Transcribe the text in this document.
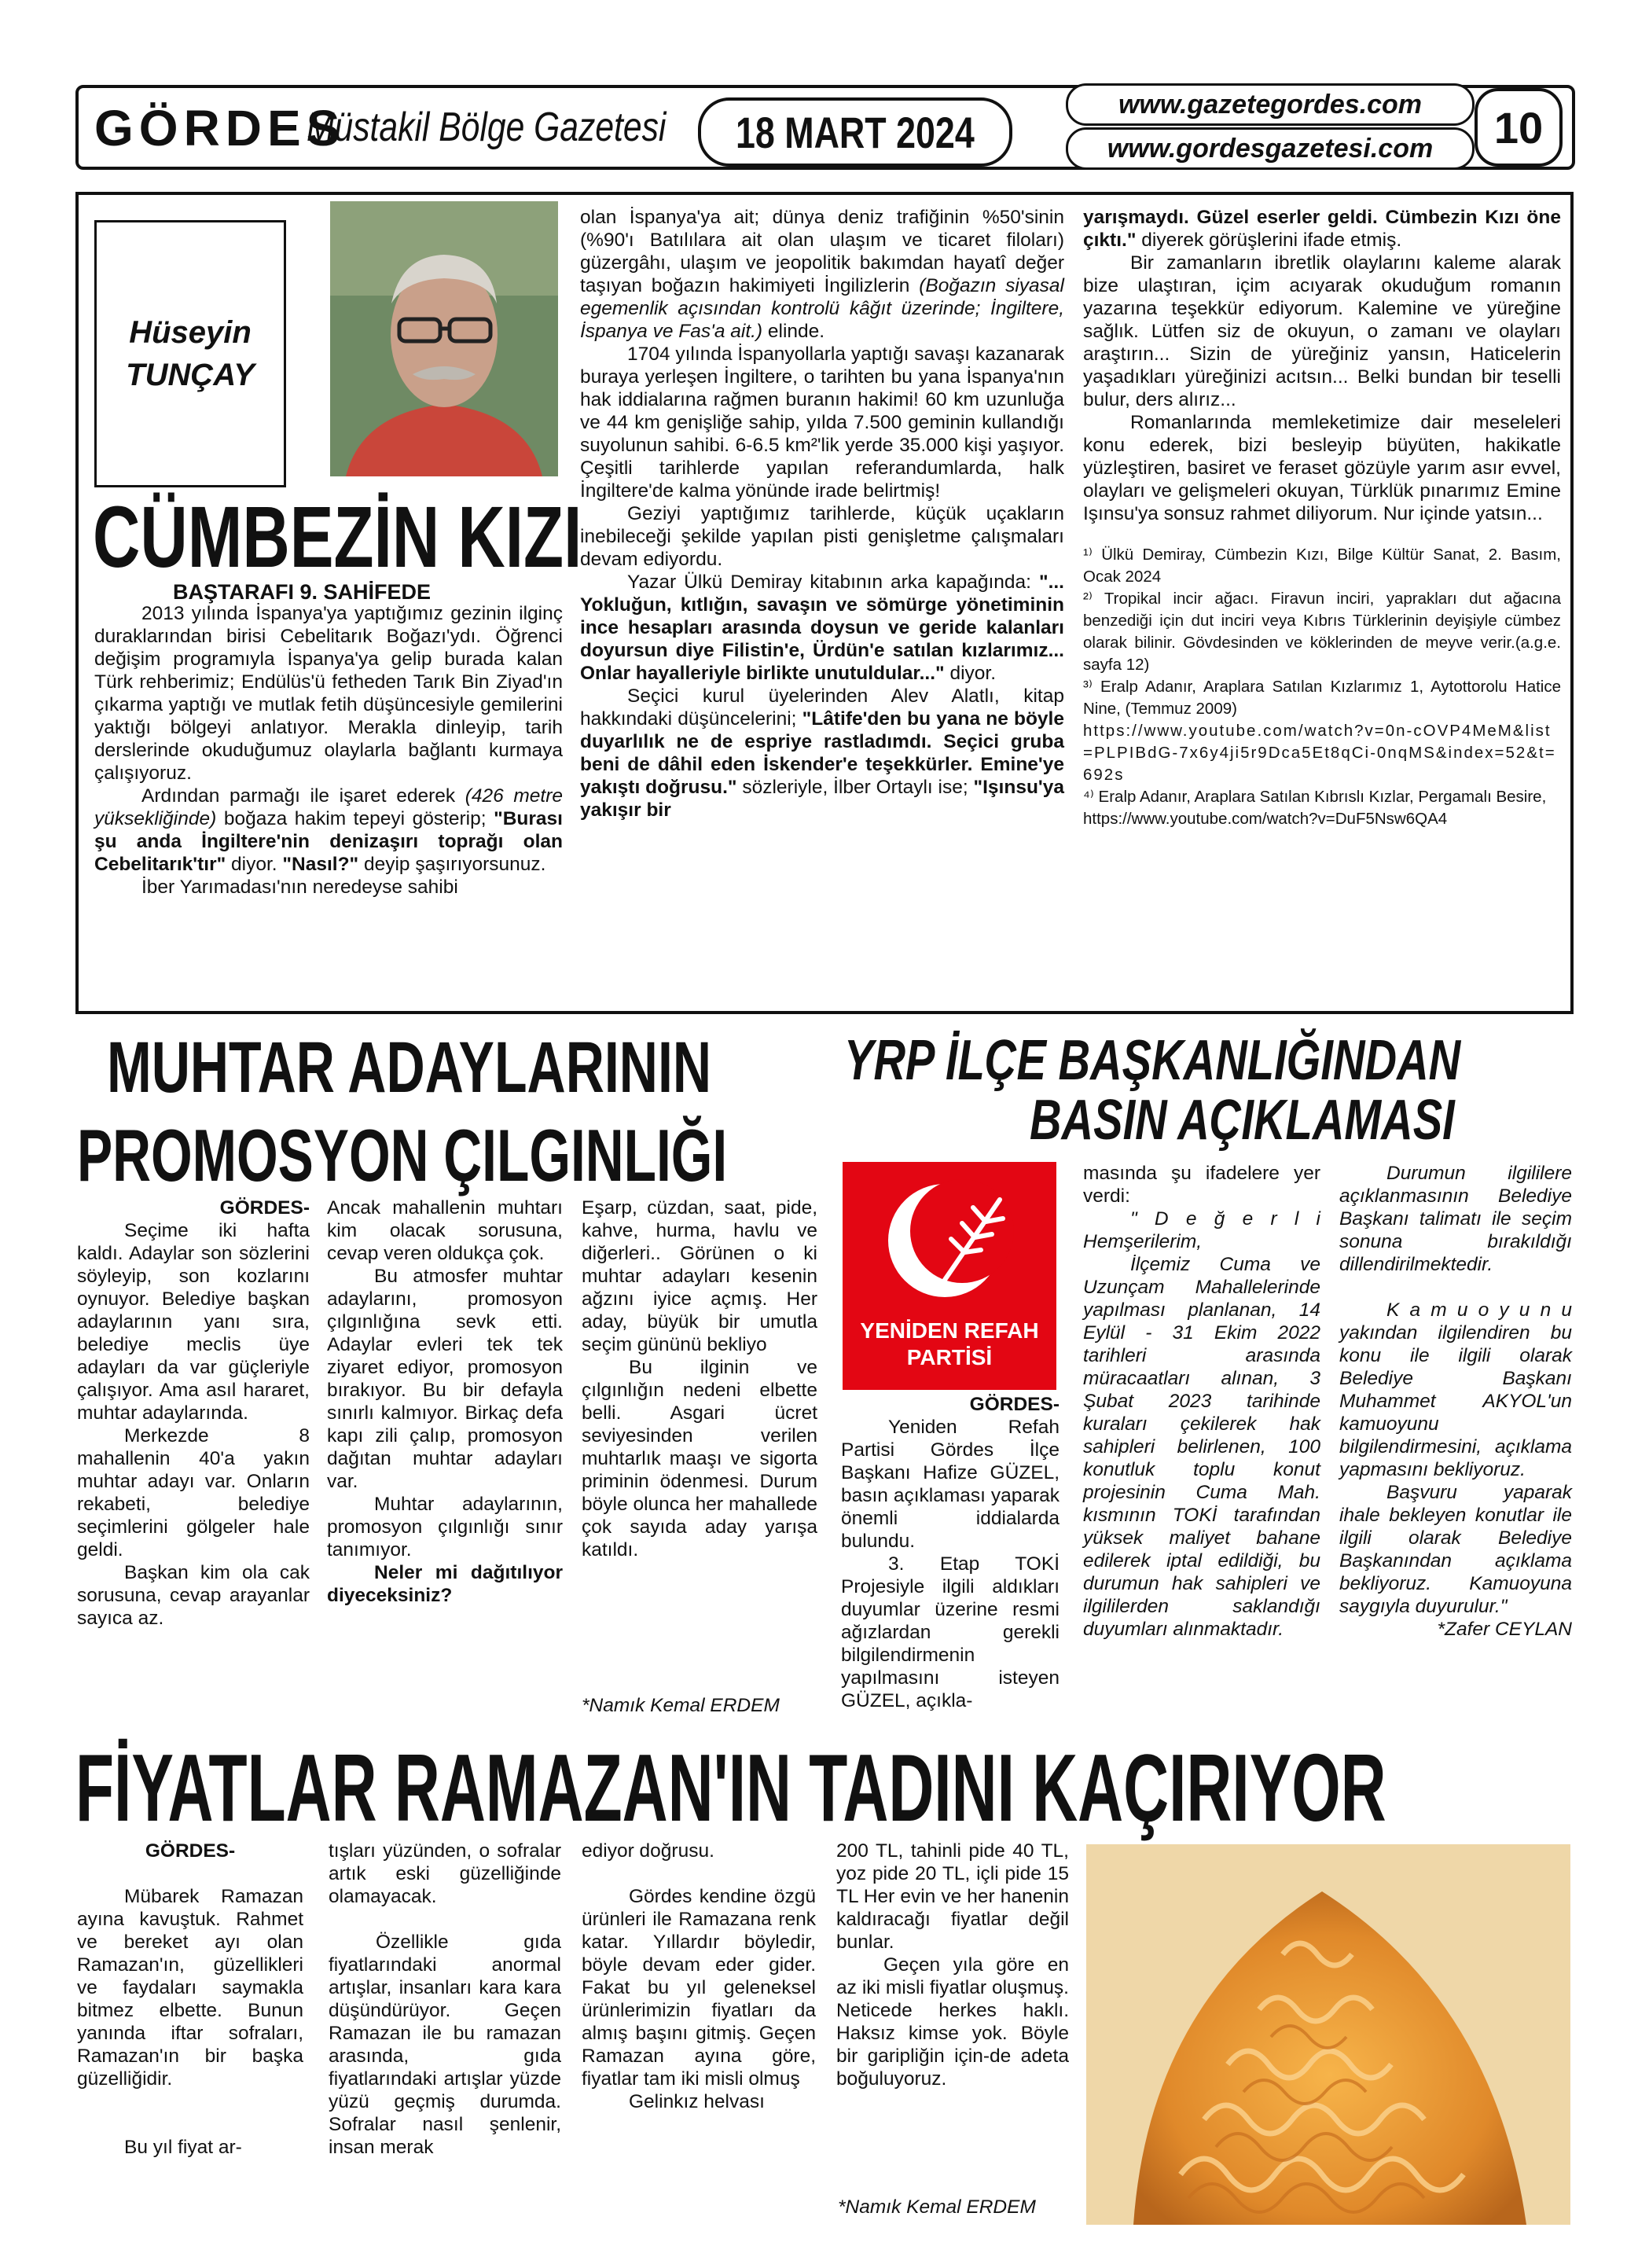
GÖRDES
Müstakil Bölge Gazetesi 18 MART 2024
www.gazetegordes.com
www.gordesgazetesi.com	10
Hüseyin
TUNÇAY
CÜMBEZİN KIZI
BAŞTARAFI 9. SAHİFEDE

2013 yılında İspanya'ya yaptığımız gezinin ilginç duraklarından birisi Cebelitarık Boğazı'ydı. Öğrenci değişim programıyla İspanya'ya gelip burada kalan Türk rehberimiz; Endülüs'ü fetheden Tarık Bin Ziyad'ın çıkarma yaptığı ve mutlak fetih düşüncesiyle gemilerini yaktığı bölgeyi anlatıyor. Merakla dinleyip, tarih derslerinde okuduğumuz olaylarla bağlantı kurmaya çalışıyoruz.

Ardından parmağı ile işaret ederek (426 metre yüksekliğinde) boğaza hakim tepeyi gösterip; "Burası şu anda İngiltere'nin denizaşırı toprağı olan Cebelitarık'tır" diyor. "Nasıl?" deyip şaşırıyorsunuz.

İber Yarımadası'nın neredeyse sahibi

olan İspanya'ya ait; dünya deniz trafiğinin %50'sinin (%90'ı Batılılara ait olan ulaşım ve ticaret filoları) güzergâhı, ulaşım ve jeopolitik bakımdan hayatî değer taşıyan boğazın hakimiyeti İngilizlerin (Boğazın siyasal egemenlik açısından kontrolü kâğıt üzerinde; İngiltere, İspanya ve Fas'a ait.) elinde.

1704 yılında İspanyollarla yaptığı savaşı kazanarak buraya yerleşen İngiltere, o tarihten bu yana İspanya'nın hak iddialarına rağmen buranın hakimi! 60 km uzunluğa ve 44 km genişliğe sahip, yılda 7.500 geminin kullandığı suyolunun sahibi. 6-6.5 km²'lik yerde 35.000 kişi yaşıyor. Çeşitli tarihlerde yapılan referandumlarda, halk İngiltere'de kalma yönünde irade belirtmiş!

Geziyi yaptığımız tarihlerde, küçük uçakların inebileceği şekilde yapılan pisti genişletme çalışmaları devam ediyordu.

Yazar Ülkü Demiray kitabının arka kapağında: "... Yokluğun, kıtlığın, savaşın ve sömürge yönetiminin ince hesapları arasında doysun ve geride kalanları doyursun diye Filistin'e, Ürdün'e satılan kızlarımız... Onlar hayalleriyle birlikte unutuldular..." diyor.

Seçici kurul üyelerinden Alev Alatlı, kitap hakkındaki düşüncelerini; "Lâtife'den bu yana ne böyle duyarlılık ne de espriye rastladımdı. Seçici gruba beni de dâhil eden İskender'e teşekkürler. Emine'ye yakıştı doğrusu." sözleriyle, İlber Ortaylı ise; "Işınsu'ya yakışır bir

yarışmaydı. Güzel eserler geldi. Cümbezin Kızı öne çıktı." diyerek görüşlerini ifade etmiş.

Bir zamanların ibretlik olaylarını kaleme alarak bize ulaştıran, içim acıyarak okuduğum romanın yazarına teşekkür ediyorum. Kalemine ve yüreğine sağlık. Lütfen siz de okuyun, o zamanı ve olayları araştırın... Sizin de yüreğiniz yansın, Haticelerin yaşadıkları yüreğinizi acıtsın... Belki bundan bir teselli bulur, ders alırız...

Romanlarında memleketimize dair meseleleri konu ederek, bizi besleyip büyüten, hakikatle yüzleştiren, basiret ve feraset gözüyle yarım asır evvel, olayları ve gelişmeleri okuyan, Türklük pınarımız Emine Işınsu'ya sonsuz rahmet diliyorum. Nur içinde yatsın...

¹⁾ Ülkü Demiray, Cümbezin Kızı, Bilge Kültür Sanat, 2. Basım, Ocak 2024
²⁾ Tropikal incir ağacı. Firavun inciri, yaprakları dut ağacına benzediği için dut inciri veya Kıbrıs Türklerinin deyişiyle cümbez olarak bilinir. Gövdesinden ve köklerinden de meyve verir.(a.g.e. sayfa 12)
³⁾ Eralp Adanır, Araplara Satılan Kızlarımız 1, Aytottorolu Hatice Nine, (Temmuz 2009)
https://www.youtube.com/watch?v=0n-cOVP4MeM&list=PLPIBdG-7x6y4ji5r9Dca5Et8qCi-0nqMS&index=52&t=692s
⁴⁾ Eralp Adanır, Araplara Satılan Kıbrıslı Kızlar, Pergamalı Besire,
https://www.youtube.com/watch?v=DuF5Nsw6QA4
MUHTAR ADAYLARININ
PROMOSYON ÇILGINLIĞI

GÖRDES-

Seçime iki hafta kaldı. Adaylar son sözlerini söyleyip, son kozlarını oynuyor. Belediye başkan adaylarının yanı sıra, belediye meclis üye adayları da var güçleriyle çalışıyor. Ama asıl hararet, muhtar adaylarında.

Merkezde 8 mahallenin 40'a yakın muhtar adayı var. Onların rekabeti, belediye seçimlerini gölgeler hale geldi.

Başkan kim ola cak sorusuna, cevap arayanlar sayıca az.

Ancak mahallenin muhtarı kim olacak sorusuna, cevap veren oldukça çok.

Bu atmosfer muhtar adaylarını, promosyon çılgınlığına sevk etti. Adaylar evleri tek tek ziyaret ediyor, promosyon bırakıyor. Bu bir defayla sınırlı kalmıyor. Birkaç defa kapı zili çalıp, promosyon dağıtan muhtar adayları var.

Muhtar adaylarının, promosyon çılgınlığı sınır tanımıyor.

Neler mi dağıtılıyor diyeceksiniz?

Eşarp, cüzdan, saat, pide, kahve, hurma, havlu ve diğerleri.. Görünen o ki muhtar adayları kesenin ağzını iyice açmış. Her aday, büyük bir umutla seçim gününü bekliyo

Bu ilginin ve çılgınlığın nedeni elbette belli. Asgari ücret seviyesinden verilen muhtarlık maaşı ve sigorta priminin ödenmesi. Durum böyle olunca her mahallede çok sayıda aday yarışa katıldı.

*Namık Kemal ERDEM
YRP İLÇE BAŞKANLIĞINDAN
BASIN AÇIKLAMASI
YENİDEN REFAH
PARTİSİ

GÖRDES-

Yeniden Refah Partisi Gördes İlçe Başkanı Hafize GÜZEL, basın açıklaması yaparak önemli iddialarda bulundu.

3. Etap TOKİ Projesiyle ilgili aldıkları duyumlar üzerine resmi ağızlardan gerekli bilgilendirmenin yapılmasını isteyen GÜZEL, açıkla-

masında şu ifadelere yer verdi:

" D e ğ e r l i Hemşerilerim,

İlçemiz Cuma ve Uzunçam Mahallelerinde yapılması planlanan, 14 Eylül - 31 Ekim 2022 tarihleri arasında müracaatları alınan, 3 Şubat 2023 tarihinde kuraları çekilerek hak sahipleri belirlenen, 100 konutluk toplu konut projesinin Cuma Mah. kısmının TOKİ tarafından yüksek maliyet bahane edilerek iptal edildiği, bu durumun hak sahipleri ve ilgililerden saklandığı duyumları alınmaktadır.

Durumun ilgililere açıklanmasının Belediye Başkanı talimatı ile seçim sonuna bırakıldığı dillendirilmektedir.

K a m u o y u n u yakından ilgilendiren bu konu ile ilgili olarak Belediye Başkanı Muhammet AKYOL'un kamuoyunu bilgilendirmesini, açıklama yapmasını bekliyoruz.

Başvuru yaparak ihale bekleyen konutlar ile ilgili olarak Belediye Başkanından açıklama bekliyoruz. Kamuoyuna saygıyla duyurulur."

*Zafer CEYLAN

FİYATLAR RAMAZAN'IN TADINI KAÇIRIYOR

GÖRDES-

Mübarek Ramazan ayına kavuştuk. Rahmet ve bereket ayı olan Ramazan'ın, güzellikleri ve faydaları saymakla bitmez elbette. Bunun yanında iftar sofraları, Ramazan'ın bir başka güzelliğidir.

Bu yıl fiyat ar-

tışları yüzünden, o sofralar artık eski güzelliğinde olamayacak.

Özellikle gıda fiyatlarındaki anormal artışlar, insanları kara kara düşündürüyor. Geçen Ramazan ile bu ramazan arasında, gıda fiyatlarındaki artışlar yüzde yüzü geçmiş durumda. Sofralar nasıl şenlenir, insan merak

ediyor doğrusu.

Gördes kendine özgü ürünleri ile Ramazana renk katar. Yıllardır böyledir, böyle devam eder gider. Fakat bu yıl geleneksel ürünlerimizin fiyatları da almış başını gitmiş. Geçen Ramazan ayına göre, fiyatlar tam iki misli olmuş

Gelinkız helvası

200 TL, tahinli pide 40 TL, yoz pide 20 TL, içli pide 15 TL Her evin ve her hanenin kaldıracağı fiyatlar değil bunlar.

Geçen yıla göre en az iki misli fiyatlar oluşmuş. Neticede herkes haklı. Haksız kimse yok. Böyle bir garipliğin için-de adeta boğuluyoruz.

*Namık Kemal ERDEM
